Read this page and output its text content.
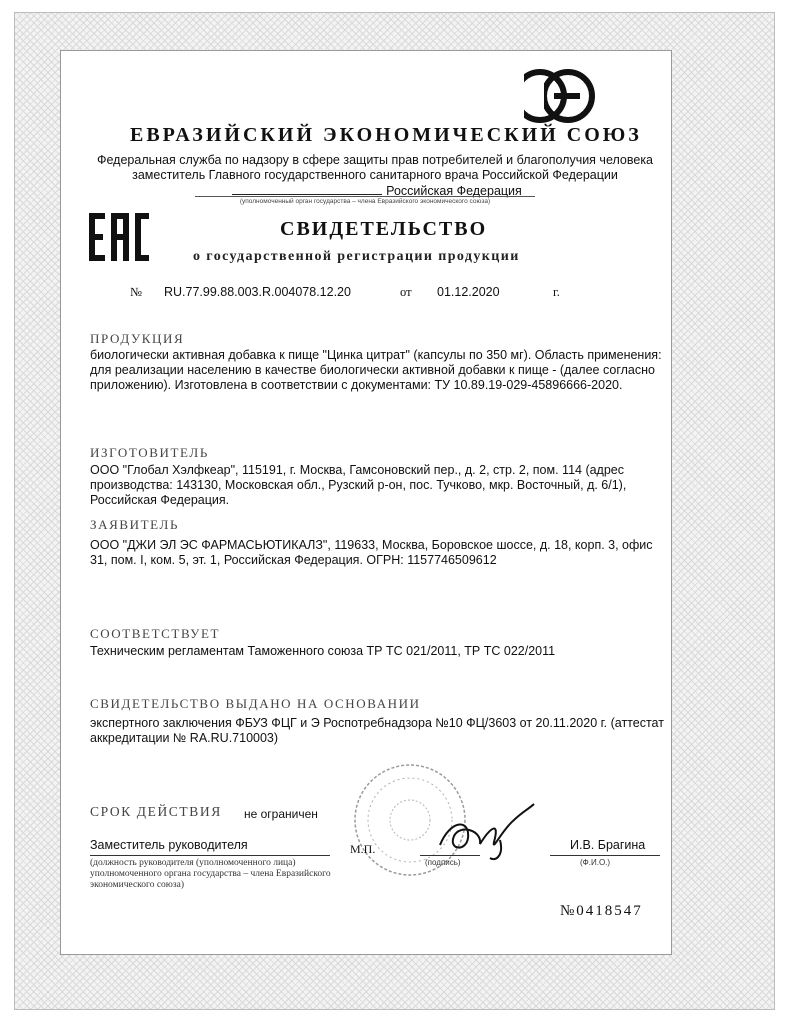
ЕВРАЗИЙСКИЙ ЭКОНОМИЧЕСКИЙ СОЮЗ
Федеральная служба по надзору в сфере защиты прав потребителей и благополучия человека
заместитель Главного государственного санитарного врача Российской Федерации
Российская Федерация
(уполномоченный орган государства – члена Евразийского экономического союза)
СВИДЕТЕЛЬСТВО
о государственной регистрации продукции
№ RU.77.99.88.003.R.004078.12.20	от 01.12.2020	г.
ПРОДУКЦИЯ
биологически активная добавка к пище "Цинка цитрат" (капсулы по 350 мг). Область применения: для реализации населению в качестве биологически активной добавки к пище - (далее согласно приложению). Изготовлена в соответствии с документами: ТУ 10.89.19-029-45896666-2020.
ИЗГОТОВИТЕЛЬ
ООО "Глобал Хэлфкеар", 115191, г. Москва, Гамсоновский пер., д. 2, стр. 2, пом. 114 (адрес производства: 143130, Московская обл., Рузский р-он, пос. Тучково, мкр. Восточный, д. 6/1), Российская Федерация.
ЗАЯВИТЕЛЬ
ООО "ДЖИ ЭЛ ЭС ФАРМАСЬЮТИКАЛЗ", 119633, Москва, Боровское шоссе, д. 18, корп. 3, офис 31, пом. I, ком. 5, эт. 1, Российская Федерация. ОГРН: 1157746509612
СООТВЕТСТВУЕТ
Техническим регламентам Таможенного союза ТР ТС 021/2011, ТР ТС 022/2011
СВИДЕТЕЛЬСТВО ВЫДАНО НА ОСНОВАНИИ
экспертного заключения ФБУЗ ФЦГ и Э Роспотребнадзора №10 ФЦ/3603 от 20.11.2020 г. (аттестат аккредитации № RA.RU.710003)
СРОК ДЕЙСТВИЯ не ограничен
Заместитель руководителя	М.П.	И.В. Брагина
(подпись)	(Ф.И.О.)
(должность руководителя (уполномоченного лица) уполномоченного органа государства – члена Евразийского экономического союза)
№0418547
